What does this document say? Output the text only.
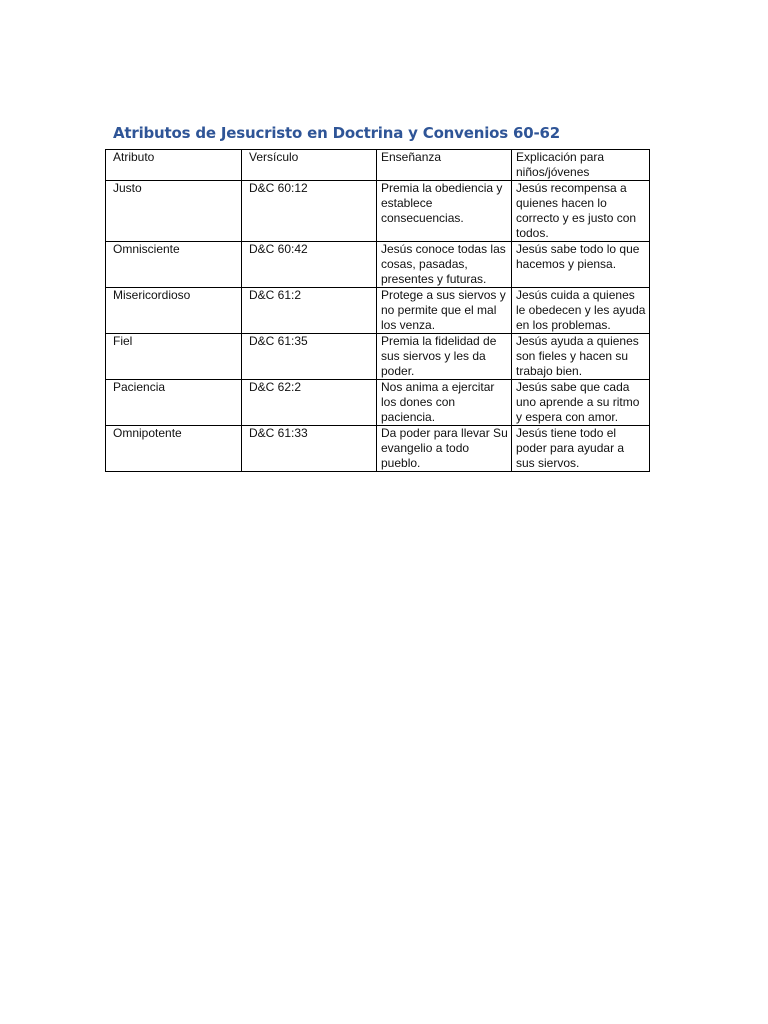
Atributos de Jesucristo en Doctrina y Convenios 60-62
Atributo	Versículo	Enseñanza	Explicación para niños/jóvenes
Justo	D&C 60:12	Premia la obediencia y establece consecuencias.	Jesús recompensa a quienes hacen lo correcto y es justo con todos.
Omnisciente	D&C 60:42	Jesús conoce todas las cosas, pasadas, presentes y futuras.	Jesús sabe todo lo que hacemos y piensa.
Misericordioso	D&C 61:2	Protege a sus siervos y no permite que el mal los venza.	Jesús cuida a quienes le obedecen y les ayuda en los problemas.
Fiel	D&C 61:35	Premia la fidelidad de sus siervos y les da poder.	Jesús ayuda a quienes son fieles y hacen su trabajo bien.
Paciencia	D&C 62:2	Nos anima a ejercitar los dones con paciencia.	Jesús sabe que cada uno aprende a su ritmo y espera con amor.
Omnipotente	D&C 61:33	Da poder para llevar Su evangelio a todo pueblo.	Jesús tiene todo el poder para ayudar a sus siervos.
